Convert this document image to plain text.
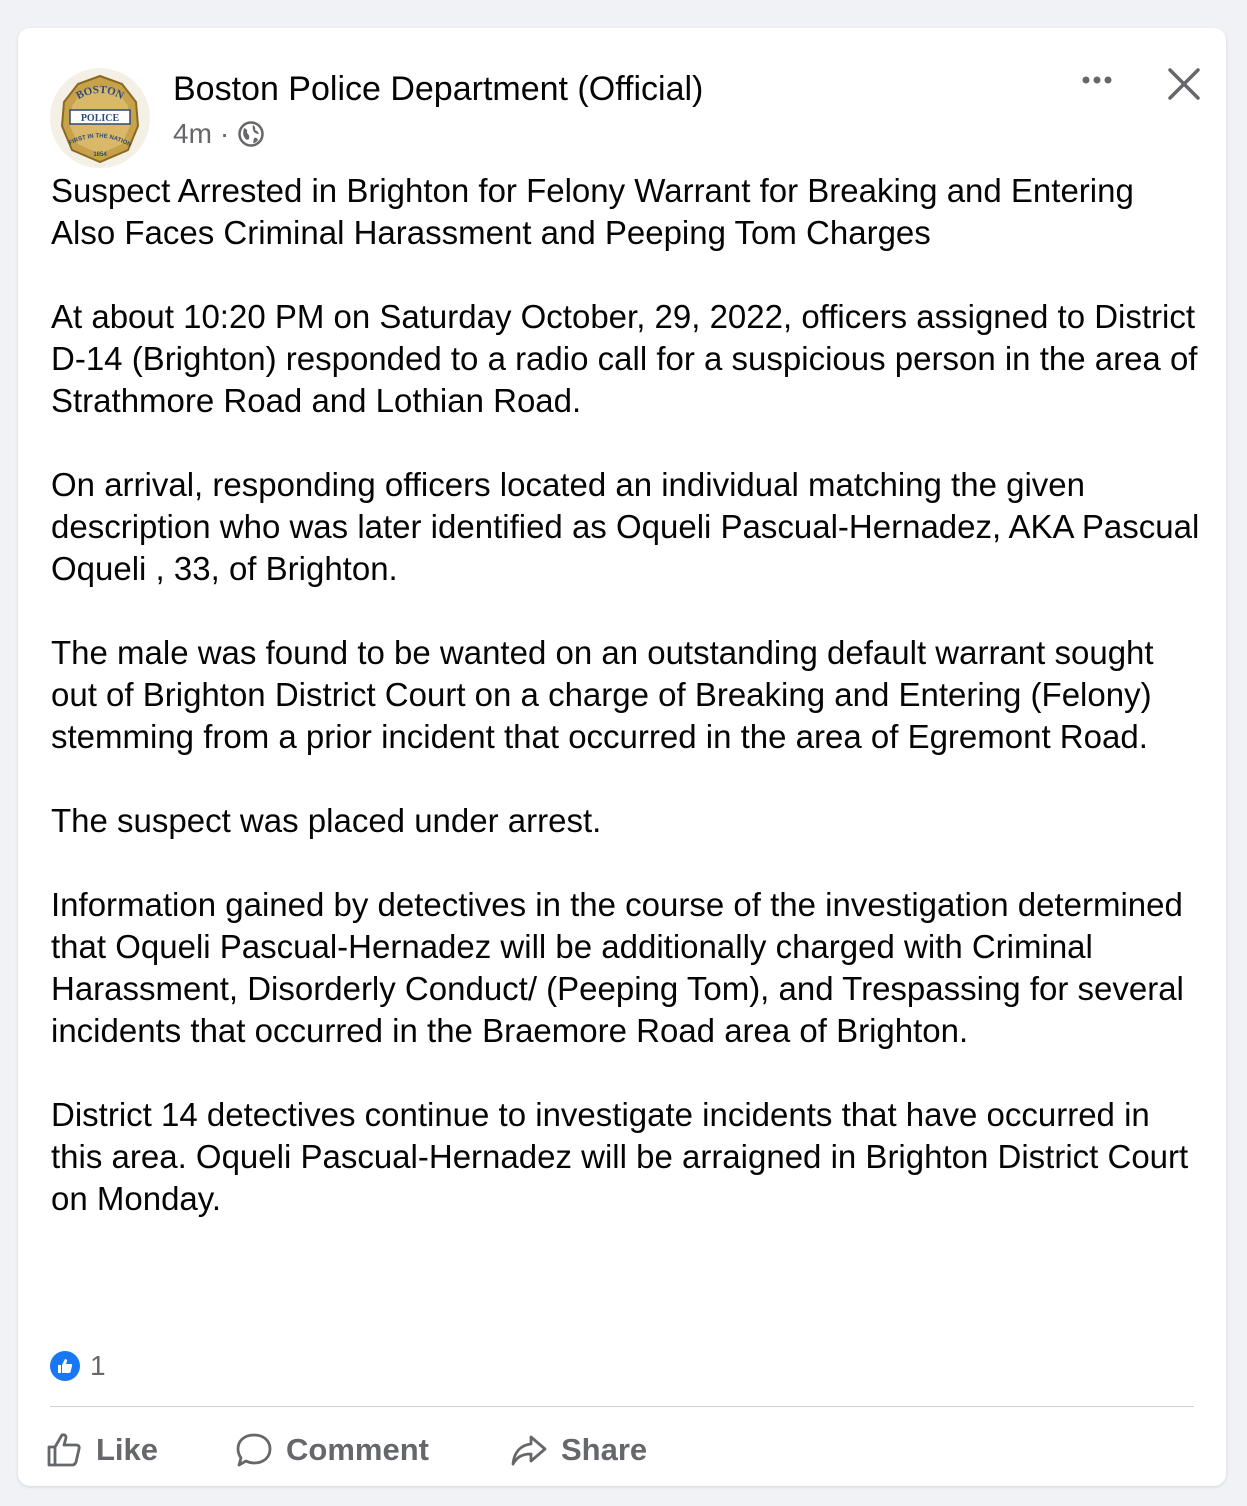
BOSTON
POLICE
FIRST IN THE NATION
1854
Boston Police Department (Official)
4m ·

Suspect Arrested in Brighton for Felony Warrant for Breaking and Entering Also Faces Criminal Harassment and Peeping Tom Charges

At about 10:20 PM on Saturday October, 29, 2022, officers assigned to District D-14 (Brighton) responded to a radio call for a suspicious person in the area of Strathmore Road and Lothian Road.

On arrival, responding officers located an individual matching the given description who was later identified as Oqueli Pascual-Hernadez, AKA Pascual Oqueli , 33, of Brighton.

The male was found to be wanted on an outstanding default warrant sought out of Brighton District Court on a charge of Breaking and Entering (Felony) stemming from a prior incident that occurred in the area of Egremont Road.

The suspect was placed under arrest.

Information gained by detectives in the course of the investigation determined that Oqueli Pascual-Hernadez will be additionally charged with Criminal Harassment, Disorderly Conduct/ (Peeping Tom), and Trespassing for several incidents that occurred in the Braemore Road area of Brighton.

District 14 detectives continue to investigate incidents that have occurred in this area. Oqueli Pascual-Hernadez will be arraigned in Brighton District Court on Monday.

1
Like	Comment	Share
